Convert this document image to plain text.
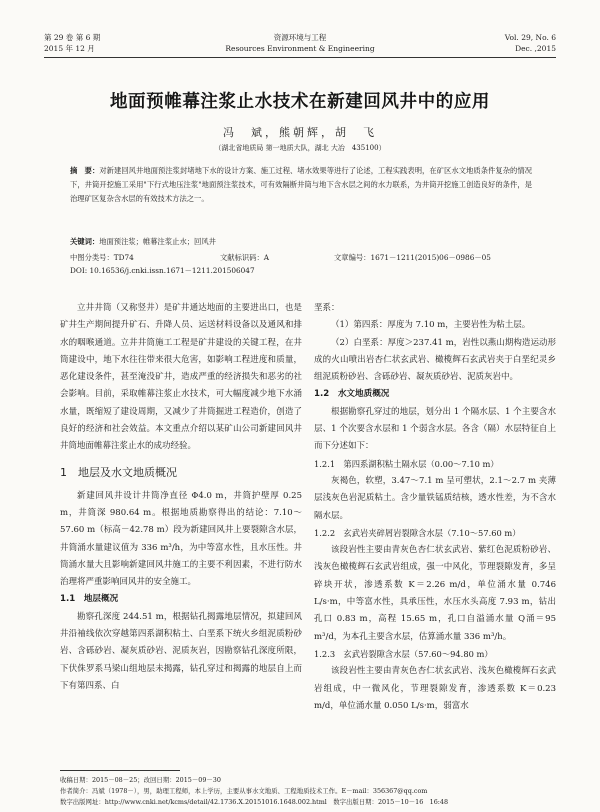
第 29 卷 第 6 期
2015 年 12 月
资源环境与工程
Resources Environment & Engineering
Vol. 29, No. 6
Dec. ,2015
地面预帷幕注浆止水技术在新建回风井中的应用
冯　斌，熊朝辉，胡　飞
（湖北省地质局 第一地质大队，湖北 大冶　435100）
摘　要：对新建回风井地面预注浆封堵地下水的设计方案、施工过程、堵水效果等进行了论述，工程实践表明，在矿区水文地质条件复杂的情况下，井筒开挖施工采用"下行式地压注浆"地面预注浆技术，可有效隔断井筒与地下含水层之间的水力联系，为井筒开挖施工创造良好的条件，是治理矿区复杂含水层的有效技术方法之一。
关键词：地面预注浆；帷幕注浆止水；回风井
中图分类号：TD74	文献标识码：A	文章编号：1671－1211(2015)06－0986－05
DOI: 10.16536/j.cnki.issn.1671－1211.201506047

立井井筒（又称竖井）是矿井通达地面的主要进出口，也是矿井生产期间提升矿石、升降人员、运送材料设备以及通风和排水的咽喉通道。立井井筒施工工程是矿井建设的关键工程，在井筒建设中，地下水往往带来很大危害，如影响工程进度和质量，恶化建设条件，甚至淹没矿井，造成严重的经济损失和恶劣的社会影响。目前，采取帷幕注浆止水技术，可大幅度减少地下水涌水量，既缩短了建设周期，又减少了井筒掘进工程造价，创造了良好的经济和社会效益。本文重点介绍以某矿山公司新建回风井井筒地面帷幕注浆止水的成功经验。

1　地层及水文地质概况

新建回风井设计井筒净直径 Φ4.0 m，井筒护壁厚 0.25 m，井筒深 980.64 m。根据地质勘察得出的结论：7.10～57.60 m（标高－42.78 m）段为新建回风井上要裂隙含水层，井筒涌水量建议值为 336 m³/h，为中等富水性，且水压性。井筒涌水量大且影响新建回风井施工的主要不利因素，不进行防水治理将严重影响回风井的安全施工。

1.1　地层概况

勘察孔深度 244.51 m，根据钻孔揭露地层情况，拟建回风井沿袖线依次穿越第四系湖积粘土、白垩系下统火乡组泥质粉砂岩、含砾砂岩、凝灰质砂岩、泥质灰岩，因勘察钻孔深度所限，下伏侏罗系马梁山组地层未揭露，钻孔穿过和揭露的地层自上而下有第四系、白

垩系：

（1）第四系：厚度为 7.10 m，主要岩性为粘土层。

（2）白垩系：厚度＞237.41 m，岩性以燕山期构造运动形成的火山喷出岩杏仁状玄武岩、橄榄辉石玄武岩夹于白垩纪灵乡组泥质粉砂岩、含砾砂岩、凝灰质砂岩、泥质灰岩中。

1.2　水文地质概况

根据勘察孔穿过的地层，划分出 1 个隔水层、1 个主要含水层、1 个次要含水层和 1 个弱含水层。各含（隔）水层特征自上而下分述如下：

1.2.1　第四系湖积粘土隔水层（0.00～7.10 m）

灰褐色，软塑，3.47～7.1 m 呈可塑状，2.1～2.7 m 夹薄层浅灰色岩泥质粘土。含少量铁锰质结核，透水性差，为不含水隔水层。

1.2.2　玄武岩夹碎屑岩裂隙含水层（7.10～57.60 m）

该段岩性主要由青灰色杏仁状玄武岩、紫红色泥质粉砂岩、浅灰色橄榄辉石玄武岩组成，强一中风化，节理裂隙发育，多呈碎块开状，渗透系数 K＝2.26 m/d，单位涌水量 0.746 L/s·m，中等富水性，具承压性，水压水头高度 7.93 m，钻出孔口 0.83 m，高程 15.65 m，孔口自溢涌水量 Q涌＝95 m³/d，为本孔主要含水层，估算涌水量 336 m³/h。

1.2.3　玄武岩裂隙含水层（57.60～94.80 m）

该段岩性主要由青灰色杏仁状玄武岩、浅灰色橄榄辉石玄武岩组成，中一微风化，节理裂隙发育，渗透系数 K＝0.23 m/d，单位涌水量 0.050 L/s·m，弱富水

收稿日期：2015－08－25；改回日期：2015－09－30
作者简介：冯斌（1978－），男，助理工程师，本上学历，主要从事水文地质、工程地质技术工作。E－mail：356367@qq.com
数字出版网址：http://www.cnki.net/kcms/detail/42.1736.X.20151016.1648.002.html　数字出版日期：2015－10－16　16:48
